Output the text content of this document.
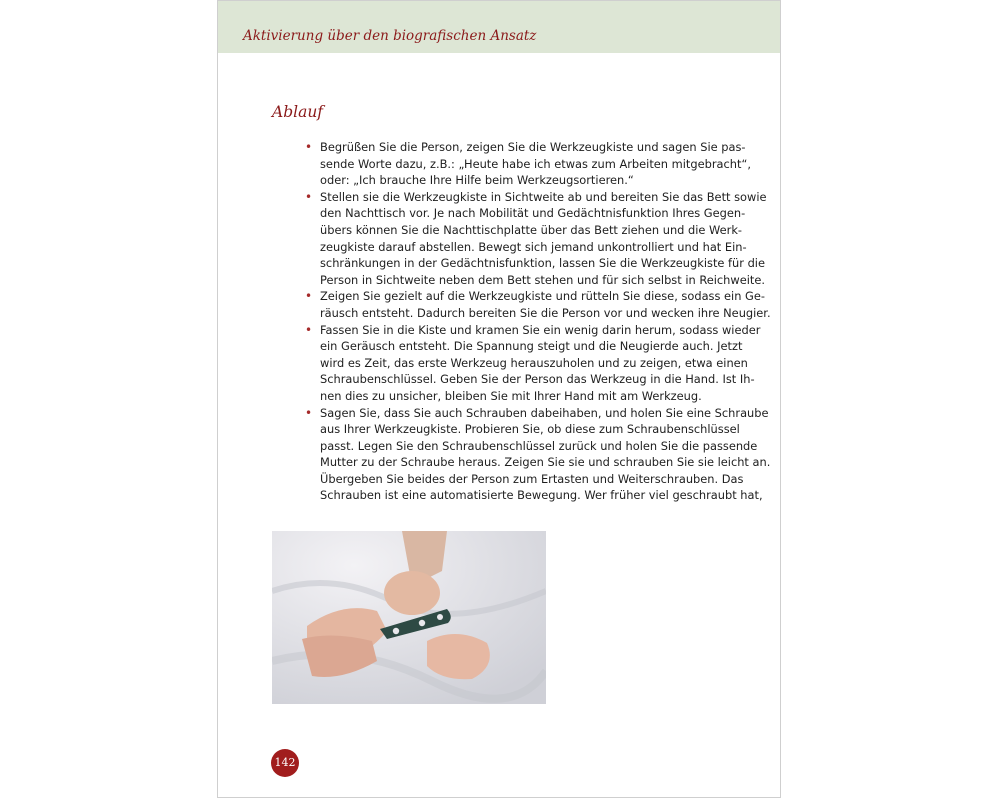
Aktivierung über den biografischen Ansatz
Ablauf
• Begrüßen Sie die Person, zeigen Sie die Werkzeugkiste und sagen Sie pas-
sende Worte dazu, z.B.: „Heute habe ich etwas zum Arbeiten mitgebracht“,
oder: „Ich brauche Ihre Hilfe beim Werkzeugsortieren.“
• Stellen sie die Werkzeugkiste in Sichtweite ab und bereiten Sie das Bett sowie
den Nachttisch vor. Je nach Mobilität und Gedächtnisfunktion Ihres Gegen-
übers können Sie die Nachttischplatte über das Bett ziehen und die Werk-
zeugkiste darauf abstellen. Bewegt sich jemand unkontrolliert und hat Ein-
schränkungen in der Gedächtnisfunktion, lassen Sie die Werkzeugkiste für die
Person in Sichtweite neben dem Bett stehen und für sich selbst in Reichweite.
• Zeigen Sie gezielt auf die Werkzeugkiste und rütteln Sie diese, sodass ein Ge-
räusch entsteht. Dadurch bereiten Sie die Person vor und wecken ihre Neugier.
• Fassen Sie in die Kiste und kramen Sie ein wenig darin herum, sodass wieder
ein Geräusch entsteht. Die Spannung steigt und die Neugierde auch. Jetzt
wird es Zeit, das erste Werkzeug herauszuholen und zu zeigen, etwa einen
Schraubenschlüssel. Geben Sie der Person das Werkzeug in die Hand. Ist Ih-
nen dies zu unsicher, bleiben Sie mit Ihrer Hand mit am Werkzeug.
• Sagen Sie, dass Sie auch Schrauben dabeihaben, und holen Sie eine Schraube
aus Ihrer Werkzeugkiste. Probieren Sie, ob diese zum Schraubenschlüssel
passt. Legen Sie den Schraubenschlüssel zurück und holen Sie die passende
Mutter zu der Schraube heraus. Zeigen Sie sie und schrauben Sie sie leicht an.
Übergeben Sie beides der Person zum Ertasten und Weiterschrauben. Das
Schrauben ist eine automatisierte Bewegung. Wer früher viel geschraubt hat,
142
